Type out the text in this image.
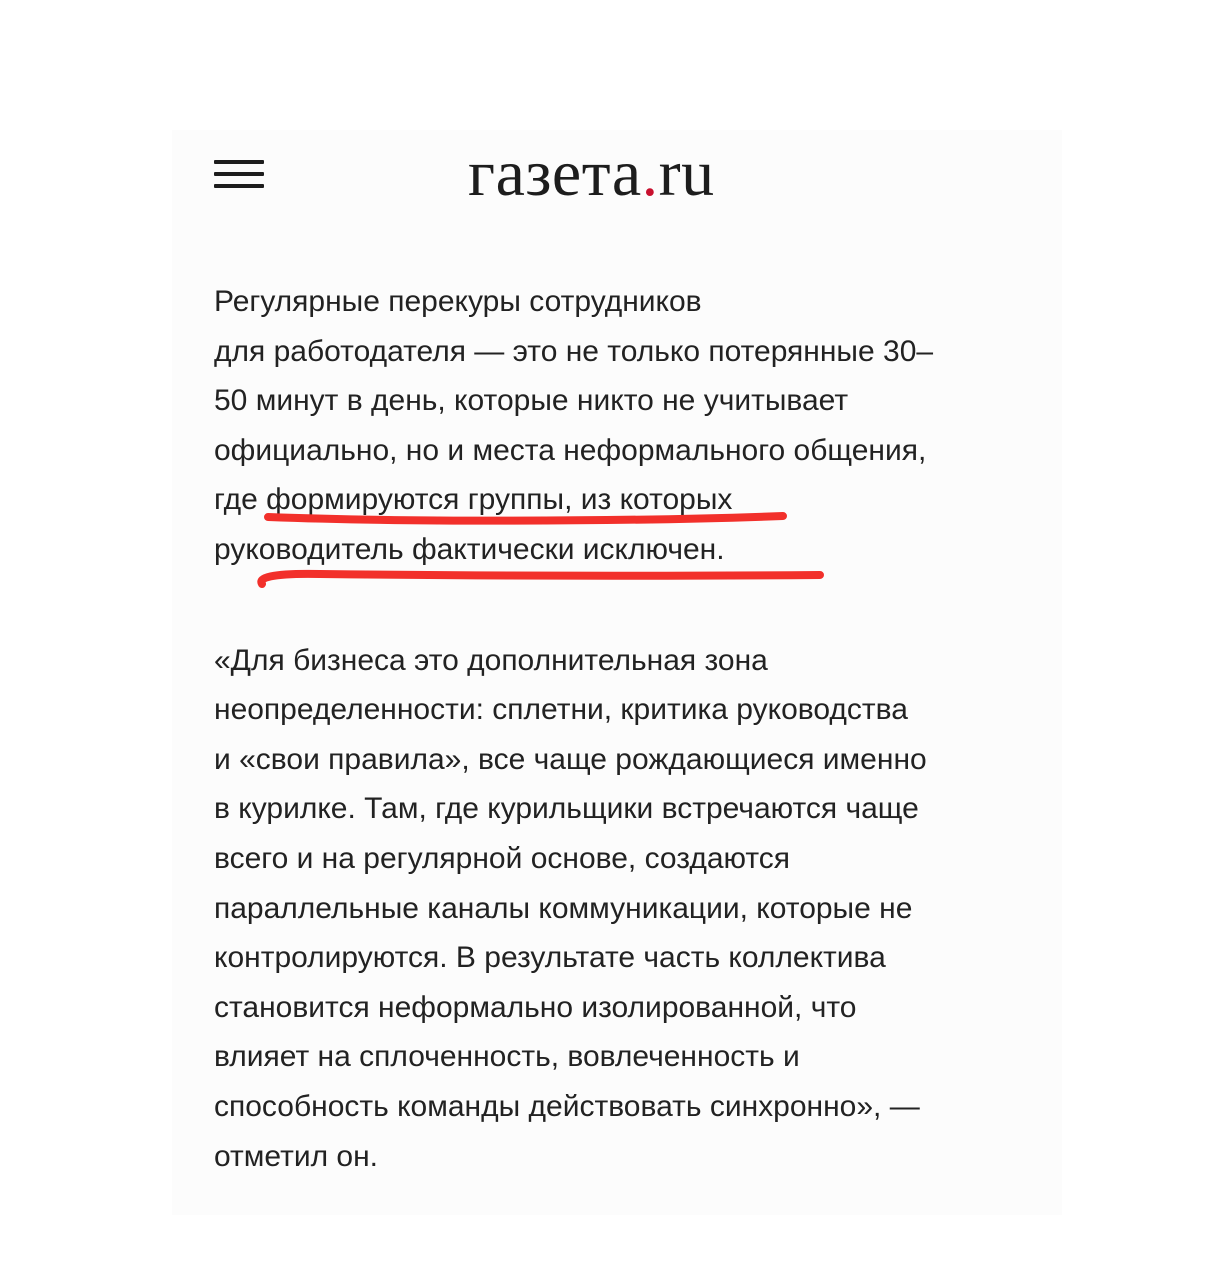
газета.ru

Регулярные перекуры сотрудников
для работодателя — это не только потерянные 30–
50 минут в день, которые никто не учитывает
официально, но и места неформального общения,
где формируются группы, из которых
руководитель фактически исключен.

«Для бизнеса это дополнительная зона
неопределенности: сплетни, критика руководства
и «свои правила», все чаще рождающиеся именно
в курилке. Там, где курильщики встречаются чаще
всего и на регулярной основе, создаются
параллельные каналы коммуникации, которые не
контролируются. В результате часть коллектива
становится неформально изолированной, что
влияет на сплоченность, вовлеченность и
способность команды действовать синхронно», —
отметил он.
